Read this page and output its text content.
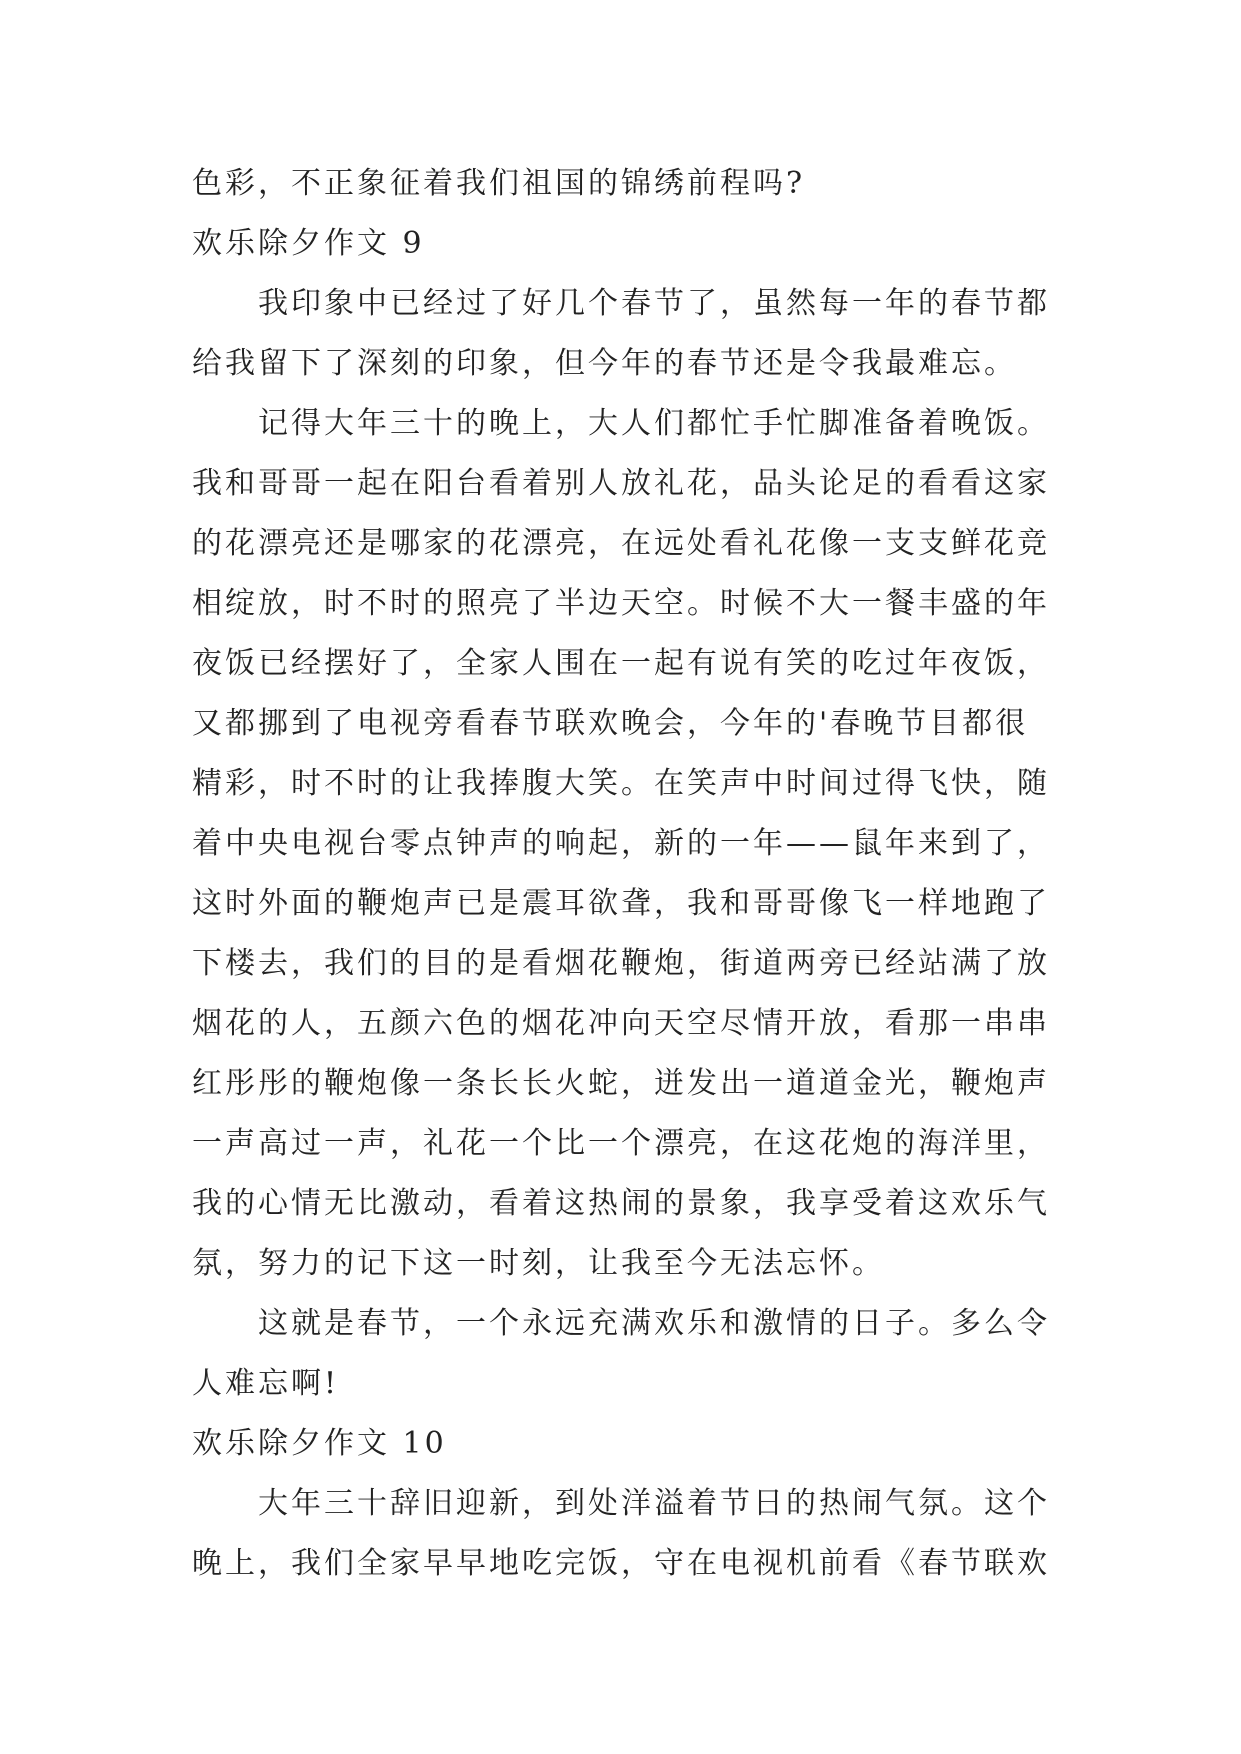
色彩，不正象征着我们祖国的锦绣前程吗?
欢乐除夕作文 9
我印象中已经过了好几个春节了，虽然每一年的春节都
给我留下了深刻的印象，但今年的春节还是令我最难忘。
记得大年三十的晚上，大人们都忙手忙脚准备着晚饭。
我和哥哥一起在阳台看着别人放礼花，品头论足的看看这家
的花漂亮还是哪家的花漂亮，在远处看礼花像一支支鲜花竞
相绽放，时不时的照亮了半边天空。时候不大一餐丰盛的年
夜饭已经摆好了，全家人围在一起有说有笑的吃过年夜饭，
又都挪到了电视旁看春节联欢晚会，今年的'春晚节目都很
精彩，时不时的让我捧腹大笑。在笑声中时间过得飞快，随
着中央电视台零点钟声的响起，新的一年——鼠年来到了，
这时外面的鞭炮声已是震耳欲聋，我和哥哥像飞一样地跑了
下楼去，我们的目的是看烟花鞭炮，街道两旁已经站满了放
烟花的人，五颜六色的烟花冲向天空尽情开放，看那一串串
红彤彤的鞭炮像一条长长火蛇，迸发出一道道金光，鞭炮声
一声高过一声，礼花一个比一个漂亮，在这花炮的海洋里，
我的心情无比激动，看着这热闹的景象，我享受着这欢乐气
氛，努力的记下这一时刻，让我至今无法忘怀。
这就是春节，一个永远充满欢乐和激情的日子。多么令
人难忘啊!
欢乐除夕作文 10
大年三十辞旧迎新，到处洋溢着节日的热闹气氛。这个
晚上，我们全家早早地吃完饭，守在电视机前看《春节联欢
